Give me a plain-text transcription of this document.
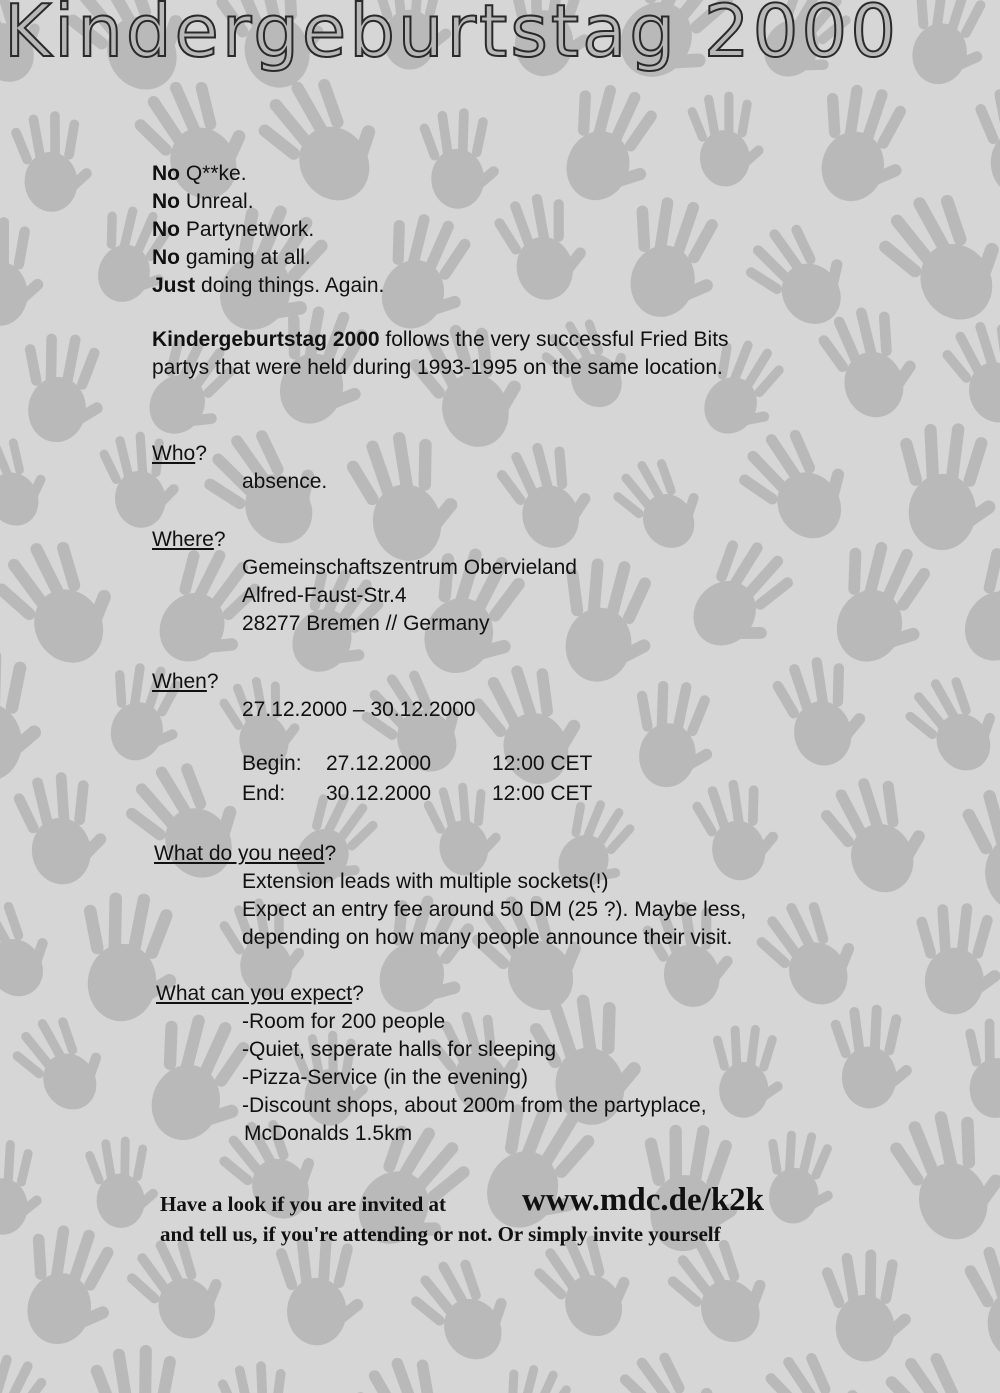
Kindergeburtstag 2000
No Q**ke.
No Unreal.
No Partynetwork.
No gaming at all.
Just doing things. Again.
Kindergeburtstag 2000 follows the very successful Fried Bits
partys that were held during 1993-1995 on the same location.
Who?
absence.
Where?
Gemeinschaftszentrum Obervieland
Alfred-Faust-Str.4
28277 Bremen // Germany
When?
27.12.2000 – 30.12.2000
Begin: 27.12.2000	12:00 CET
End: 30.12.2000	12:00 CET
What do you need?
Extension leads with multiple sockets(!)
Expect an entry fee around 50 DM (25 ?). Maybe less,
depending on how many people announce their visit.
What can you expect?
-Room for 200 people
-Quiet, seperate halls for sleeping
-Pizza-Service (in the evening)
-Discount shops, about 200m from the partyplace,
McDonalds 1.5km
Have a look if you are invited at www.mdc.de/k2k
and tell us, if you're attending or not. Or simply invite yourself
